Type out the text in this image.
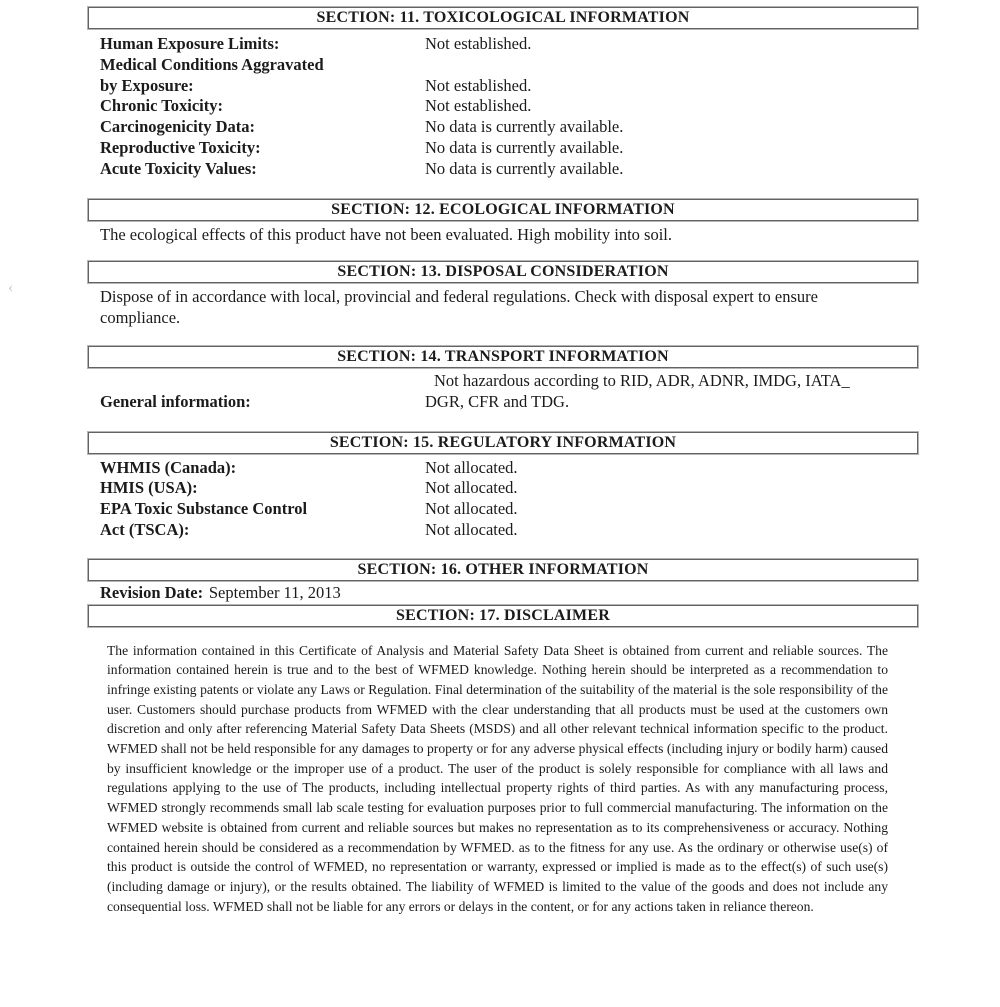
‹
SECTION: 11. TOXICOLOGICAL INFORMATION
Human Exposure Limits:	Not established.
Medical Conditions Aggravated
by Exposure:	Not established.
Chronic Toxicity:	Not established.
Carcinogenicity Data:	No data is currently available.
Reproductive Toxicity:	No data is currently available.
Acute Toxicity Values:	No data is currently available.
SECTION: 12. ECOLOGICAL INFORMATION
The ecological effects of this product have not been evaluated. High mobility into soil.
SECTION: 13. DISPOSAL CONSIDERATION
Dispose of in accordance with local, provincial and federal regulations. Check with disposal expert to ensure compliance.
SECTION: 14. TRANSPORT INFORMATION
General information:
Not hazardous according to RID, ADR, ADNR, IMDG, IATA_
DGR, CFR and TDG.
SECTION: 15. REGULATORY INFORMATION
WHMIS (Canada):	Not allocated.
HMIS (USA):	Not allocated.
EPA Toxic Substance Control	Not allocated.
Act (TSCA):	Not allocated.
SECTION: 16. OTHER INFORMATION
Revision Date: September 11, 2013
SECTION: 17. DISCLAIMER
The information contained in this Certificate of Analysis and Material Safety Data Sheet is obtained from current and reliable sources. The information contained herein is true and to the best of WFMED knowledge. Nothing herein should be interpreted as a recommendation to infringe existing patents or violate any Laws or Regulation. Final determination of the suitability of the material is the sole responsibility of the user. Customers should purchase products from WFMED with the clear understanding that all products must be used at the customers own discretion and only after referencing Material Safety Data Sheets (MSDS) and all other relevant technical information specific to the product. WFMED shall not be held responsible for any damages to property or for any adverse physical effects (including injury or bodily harm) caused by insufficient knowledge or the improper use of a product. The user of the product is solely responsible for compliance with all laws and regulations applying to the use of The products, including intellectual property rights of third parties. As with any manufacturing process, WFMED strongly recommends small lab scale testing for evaluation purposes prior to full commercial manufacturing. The information on the WFMED website is obtained from current and reliable sources but makes no representation as to its comprehensiveness or accuracy. Nothing contained herein should be considered as a recommendation by WFMED. as to the fitness for any use. As the ordinary or otherwise use(s) of this product is outside the control of WFMED, no representation or warranty, expressed or implied is made as to the effect(s) of such use(s) (including damage or injury), or the results obtained. The liability of WFMED is limited to the value of the goods and does not include any consequential loss. WFMED shall not be liable for any errors or delays in the content, or for any actions taken in reliance thereon.
